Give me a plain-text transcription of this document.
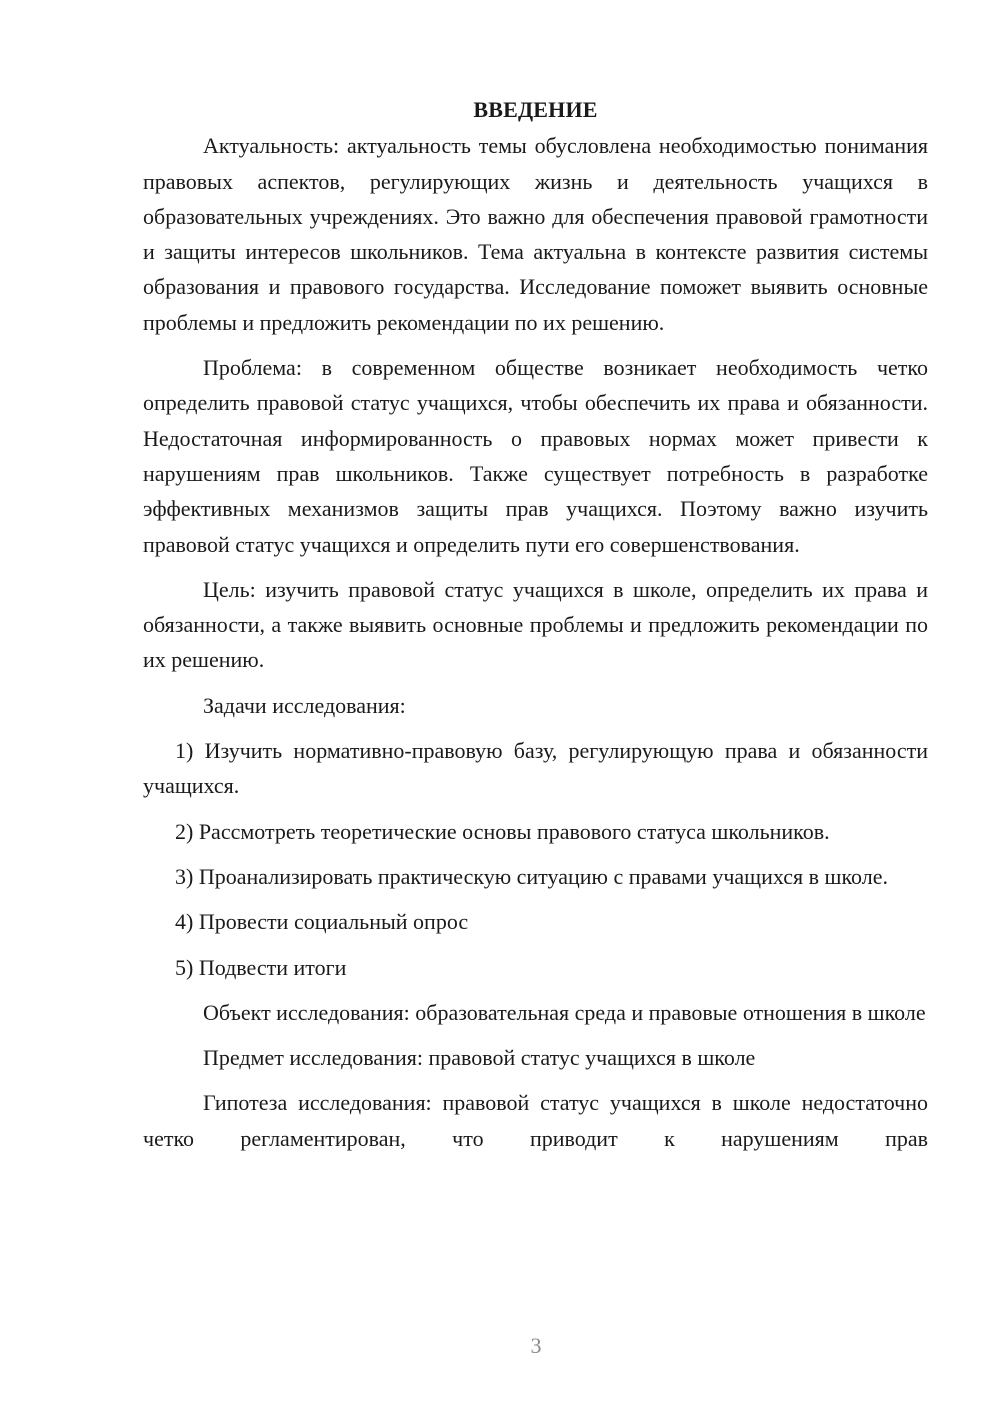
ВВЕДЕНИЕ

Актуальность: актуальность темы обусловлена необходимостью понимания правовых аспектов, регулирующих жизнь и деятельность учащихся в образовательных учреждениях. Это важно для обеспечения правовой грамотности и защиты интересов школьников. Тема актуальна в контексте развития системы образования и правового государства. Исследование поможет выявить основные проблемы и предложить рекомендации по их решению.

Проблема: в современном обществе возникает необходимость четко определить правовой статус учащихся, чтобы обеспечить их права и обязанности. Недостаточная информированность о правовых нормах может привести к нарушениям прав школьников. Также существует потребность в разработке эффективных механизмов защиты прав учащихся. Поэтому важно изучить правовой статус учащихся и определить пути его совершенствования.

Цель: изучить правовой статус учащихся в школе, определить их права и обязанности, а также выявить основные проблемы и предложить рекомендации по их решению.

Задачи исследования:

1) Изучить нормативно-правовую базу, регулирующую права и обязанности учащихся.

2) Рассмотреть теоретические основы правового статуса школьников.

3) Проанализировать практическую ситуацию с правами учащихся в школе.

4) Провести социальный опрос

5) Подвести итоги

Объект исследования: образовательная среда и правовые отношения в школе

Предмет исследования: правовой статус учащихся в школе

Гипотеза исследования: правовой статус учащихся в школе недостаточно четко регламентирован, что приводит к нарушениям прав

3
